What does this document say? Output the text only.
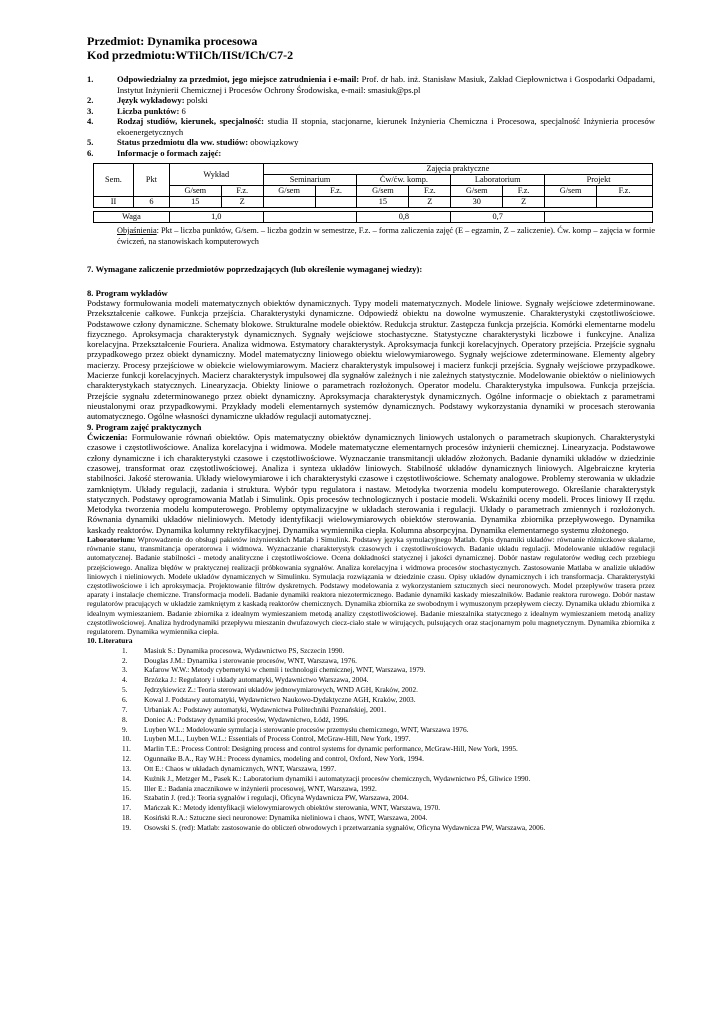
Przedmiot: Dynamika procesowa

Kod przedmiotu:WTiICh/IISt/ICh/C7-2

1.	Odpowiedzialny za przedmiot, jego miejsce zatrudnienia i e-mail: Prof. dr hab. inż. Stanisław Masiuk, Zakład Ciepłownictwa i Gospodarki Odpadami, Instytut Inżynierii Chemicznej i Procesów Ochrony Środowiska, e-mail: smasiuk@ps.pl
2.	Język wykładowy: polski
3.	Liczba punktów: 6
4.	Rodzaj studiów, kierunek, specjalność: studia II stopnia, stacjonarne, kierunek Inżynieria Chemiczna i Procesowa, specjalność Inżynieria procesów ekoenergetycznych
5.	Status przedmiotu dla ww. studiów: obowiązkowy
6.	Informacje o formach zajęć:
Sem.	Pkt	Wykład		Zajęcia praktyczne							
				Seminarium		Ćw/ćw. komp.		Laboratorium		Projekt	
		G/sem	F.z.	G/sem	F.z.	G/sem	F.z.	G/sem	F.z.	G/sem	F.z.
II	6	15	Z			15	Z	30	Z		

Waga		1,0				0,8		0,7			

Objaśnienia: Pkt – liczba punktów, G/sem. – liczba godzin w semestrze, F.z. – forma zaliczenia zajęć (E – egzamin, Z – zaliczenie). Ćw. komp – zajęcia w formie ćwiczeń, na stanowiskach komputerowych

7. Wymagane zaliczenie przedmiotów poprzedzających (lub określenie wymaganej wiedzy):

8. Program wykładów

Podstawy formułowania modeli matematycznych obiektów dynamicznych. Typy modeli matematycznych. Modele liniowe. Sygnały wejściowe zdeterminowane. Przekształcenie całkowe. Funkcja przejścia. Charakterystyki dynamiczne. Odpowiedź obiektu na dowolne wymuszenie. Charakterystyki częstotliwościowe. Podstawowe człony dynamiczne. Schematy blokowe. Strukturalne modele obiektów. Redukcja struktur. Zastępcza funkcja przejścia. Komórki elementarne modelu fizycznego. Aproksymacja charakterystyk dynamicznych. Sygnały wejściowe stochastyczne. Statystyczne charakterystyki liczbowe i funkcyjne. Analiza korelacyjna. Przekształcenie Fouriera. Analiza widmowa. Estymatory charakterystyk. Aproksymacja funkcji korelacyjnych. Operatory przejścia. Przejście sygnału przypadkowego przez obiekt dynamiczny. Model matematyczny liniowego obiektu wielowymiarowego. Sygnały wejściowe zdeterminowane. Elementy algebry macierzy. Procesy przejściowe w obiekcie wielowymiarowym. Macierz charakterystyk impulsowej i macierz funkcji przejścia. Sygnały wejściowe przypadkowe. Macierze funkcji korelacyjnych. Macierz charakterystyk impulsowej dla sygnałów zależnych i nie zależnych statystycznie. Modelowanie obiektów o nieliniowych charakterystykach statycznych. Linearyzacja. Obiekty liniowe o parametrach rozłożonych. Operator modelu. Charakterystyka impulsowa. Funkcja przejścia. Przejście sygnału zdeterminowanego przez obiekt dynamiczny. Aproksymacja charakterystyk dynamicznych. Ogólne informacje o obiektach z parametrami nieustalonymi oraz przypadkowymi. Przykłady modeli elementarnych systemów dynamicznych. Podstawy wykorzystania dynamiki w procesach sterowania automatycznego. Ogólne własności dynamiczne układów regulacji automatycznej.

9. Program zajęć praktycznych

Ćwiczenia: Formułowanie równań obiektów. Opis matematyczny obiektów dynamicznych liniowych ustalonych o parametrach skupionych. Charakterystyki czasowe i częstotliwościowe. Analiza korelacyjna i widmowa. Modele matematyczne elementarnych procesów inżynierii chemicznej. Linearyzacja. Podstawowe człony dynamiczne i ich charakterystyki czasowe i częstotliwościowe. Wyznaczanie transmitancji układów złożonych. Badanie dynamiki układów w dziedzinie czasowej, transformat oraz częstotliwościowej. Analiza i synteza układów liniowych. Stabilność układów dynamicznych liniowych. Algebraiczne kryteria stabilności. Jakość sterowania. Układy wielowymiarowe i ich charakterystyki czasowe i częstotliwościowe. Schematy analogowe. Problemy sterowania w układzie zamkniętym. Układy regulacji, zadania i struktura. Wybór typu regulatora i nastaw. Metodyka tworzenia modelu komputerowego. Określanie charakterystyk statycznych. Podstawy oprogramowania Matlab i Simulink. Opis procesów technologicznych i postacie modeli. Wskaźniki oceny modeli. Proces liniowy II rzędu. Metodyka tworzenia modelu komputerowego. Problemy optymalizacyjne w układach sterowania i regulacji. Układy o parametrach zmiennych i rozłożonych. Równania dynamiki układów nieliniowych. Metody identyfikacji wielowymiarowych obiektów sterowania. Dynamika zbiornika przepływowego. Dynamika kaskady reaktorów. Dynamika kolumny rektyfikacyjnej. Dynamika wymiennika ciepła. Kolumna absorpcyjna. Dynamika elementarnego systemu złożonego.

Laboratorium: Wprowadzenie do obsługi pakietów inżynierskich Matlab i Simulink. Podstawy języka symulacyjnego Matlab. Opis dynamiki układów: równanie różniczkowe skalarne, równanie stanu, transmitancja operatorowa i widmowa. Wyznaczanie charakterystyk czasowych i częstotliwościowych. Badanie układu regulacji. Modelowanie układów regulacji automatycznej. Badanie stabilności - metody analityczne i częstotliwościowe. Ocena dokładności statycznej i jakości dynamicznej. Dobór nastaw regulatorów według cech przebiegu przejściowego. Analiza błędów w praktycznej realizacji próbkowania sygnałów. Analiza korelacyjna i widmowa procesów stochastycznych. Zastosowanie Matlaba w analizie układów liniowych i nieliniowych. Modele układów dynamicznych w Simulinku. Symulacja rozwiązania w dziedzinie czasu. Opisy układów dynamicznych i ich transformacja. Charakterystyki częstotliwościowe i ich aproksymacja. Projektowanie filtrów dyskretnych. Podstawy modelowania z wykorzystaniem sztucznych sieci neuronowych. Model przepływów trasera przez aparaty i instalacje chemiczne. Transformacja modeli. Badanie dynamiki reaktora niezotermicznego. Badanie dynamiki kaskady mieszalników. Badanie reaktora rurowego. Dobór nastaw regulatorów pracujących w układzie zamkniętym z kaskadą reaktorów chemicznych. Dynamika zbiornika ze swobodnym i wymuszonym przepływem cieczy. Dynamika układu zbiornika z idealnym wymieszaniem. Badanie zbiornika z idealnym wymieszaniem metodą analizy częstotliwościowej. Badanie mieszalnika statycznego z idealnym wymieszaniem metodą analizy częstotliwościowej. Analiza hydrodynamiki przepływu mieszanin dwufazowych ciecz-ciało stałe w wirujących, pulsujących oraz stacjonarnym polu magnetycznym. Dynamika zbiornika z regulatorem. Dynamika wymiennika ciepła.

10. Literatura

1. Masiuk S.: Dynamika procesowa, Wydawnictwo PS, Szczecin 1990.
2. Douglas J.M.: Dynamika i sterowanie procesów, WNT, Warszawa, 1976.
3. Kafarow W.W.: Metody cybernetyki w chemii i technologii chemicznej, WNT, Warszawa, 1979.
4. Brzózka J.: Regulatory i układy automatyki, Wydawnictwo Warszawa, 2004.
5. Jędrzykiewicz Z.: Teoria sterowani układów jednowymiarowych, WND AGH, Kraków, 2002.
6. Kowal J. Podstawy automatyki, Wydawnictwo Naukowo-Dydaktyczne AGH, Kraków, 2003.
7. Urbaniak A.: Podstawy automatyki, Wydawnictwa Politechniki Poznańskiej, 2001.
8. Doniec A.: Podstawy dynamiki procesów, Wydawnictwo, Łódź, 1996.
9. Luyben W.L.: Modelowanie symulacja i sterowanie procesów przemysłu chemicznego, WNT, Warszawa 1976.
10. Luyben M.L., Luyben W.L.: Essentials of Process Control, McGraw-Hill, New York, 1997.
11. Marlin T.E.: Process Control: Designing process and control systems for dynamic performance, McGraw-Hill, New York, 1995.
12. Ogunnaike B.A., Ray W.H.: Process dynamics, modeling and control, Oxford, New York, 1994.
13. Ott E.: Chaos w układach dynamicznych, WNT, Warszawa, 1997.
14. Kuźnik J., Metzger M., Pasek K.: Laboratorium dynamiki i automatyzacji procesów chemicznych, Wydawnictwo PŚ, Gliwice 1990.
15. Iller E.: Badania znacznikowe w inżynierii procesowej, WNT, Warszawa, 1992.
16. Szabatin J. (red.): Teoria sygnałów i regulacji, Oficyna Wydawnicza PW, Warszawa, 2004.
17. Mańczak K.: Metody identyfikacji wielowymiarowych obiektów sterowania, WNT, Warszawa, 1970.
18. Kosiński R.A.: Sztuczne sieci neuronowe: Dynamika nieliniowa i chaos, WNT, Warszawa, 2004.
19. Osowski S. (red): Matlab: zastosowanie do obliczeń obwodowych i przetwarzania sygnałów, Oficyna Wydawnicza PW, Warszawa, 2006.
